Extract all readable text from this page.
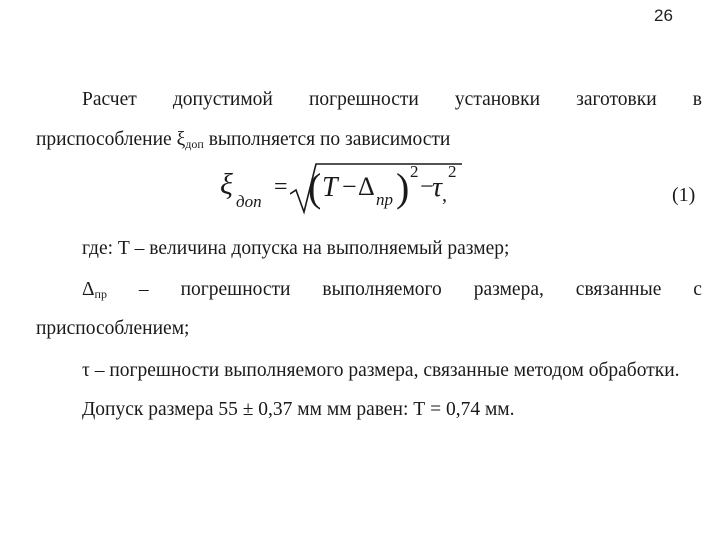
26
Расчет допустимой погрешности установки заготовки в
приспособление ξдоп выполняется по зависимости
ξ
доп
= ( T − Δ пр ) 2
−
τ
2
,	(1)
где: Т – величина допуска на выполняемый размер;
Δпр – погрешности выполняемого размера, связанные с
приспособлением;
τ – погрешности выполняемого размера, связанные методом обработки.
Допуск размера 55 ± 0,37 мм мм равен: Т = 0,74 мм.
